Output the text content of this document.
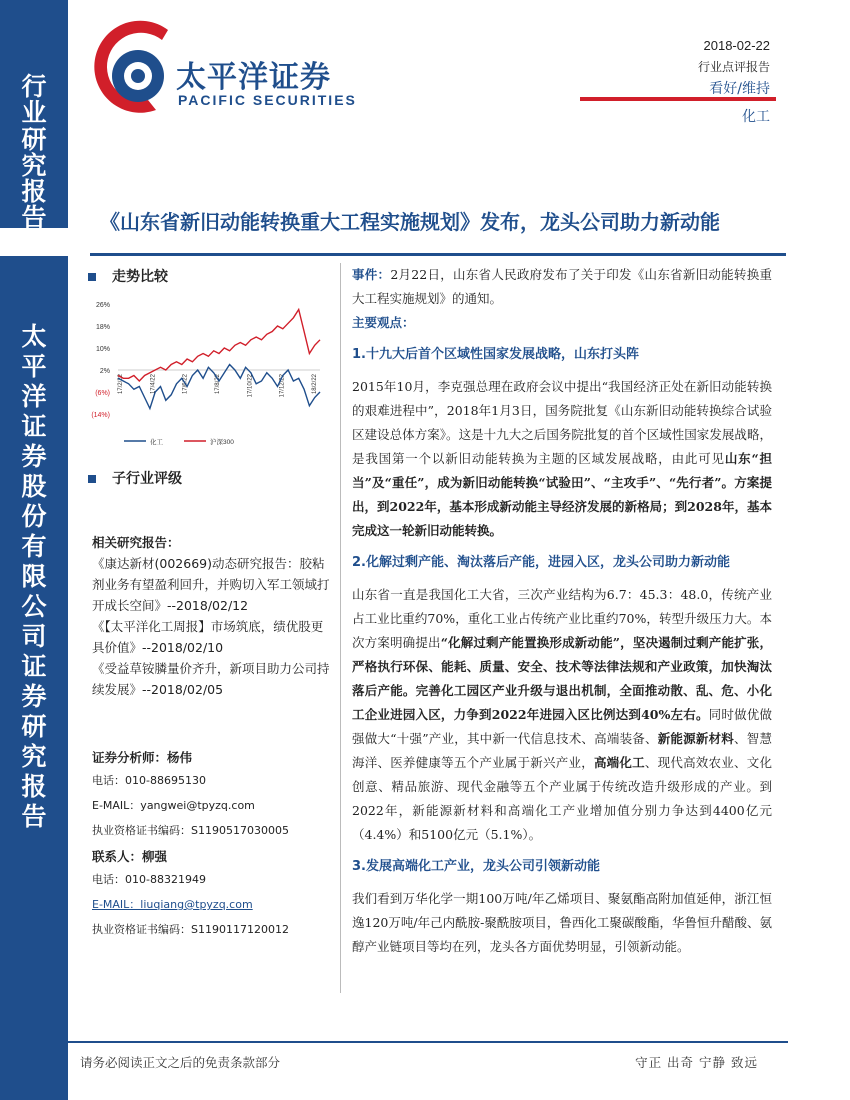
行
业
研
究
报
告
太
平
洋
证
券
股
份
有
限
公
司
证
券
研
究
报
告
太平洋证券
PACIFIC SECURITIES
2018-02-22
行业点评报告
看好/维持
化工
《山东省新旧动能转换重大工程实施规划》发布，龙头公司助力新动能
走势比较
26%
18%
10%
2%
(6%)
(14%)
17/2/22	17/4/22	17/6/22	17/8/22	17/10/22	17/12/22	18/2/22
化工	沪深300
子行业评级

相关研究报告：

《康达新材(002669)动态研究报告：胶粘剂业务有望盈利回升，并购切入军工领域打开成长空间》--2018/02/12

《【太平洋化工周报】市场筑底，绩优股更具价值》--2018/02/10

《受益草铵膦量价齐升，新项目助力公司持续发展》--2018/02/05

证券分析师：杨伟
电话：010-88695130
E-MAIL：yangwei@tpyzq.com
执业资格证书编码：S1190517030005
联系人：柳强
电话：010-88321949
E-MAIL：liuqiang@tpyzq.com
执业资格证书编码：S1190117120012

事件：2月22日，山东省人民政府发布了关于印发《山东省新旧动能转换重大工程实施规划》的通知。

主要观点：

1.十九大后首个区域性国家发展战略，山东打头阵

2015年10月，李克强总理在政府会议中提出“我国经济正处在新旧动能转换的艰难进程中”，2018年1月3日，国务院批复《山东新旧动能转换综合试验区建设总体方案》。这是十九大之后国务院批复的首个区域性国家发展战略，是我国第一个以新旧动能转换为主题的区域发展战略，由此可见山东“担当”及“重任”，成为新旧动能转换“试验田”、“主攻手”、“先行者”。方案提出，到2022年，基本形成新动能主导经济发展的新格局；到2028年，基本完成这一轮新旧动能转换。

2.化解过剩产能、淘汰落后产能，进园入区，龙头公司助力新动能

山东省一直是我国化工大省，三次产业结构为6.7：45.3：48.0，传统产业占工业比重约70%，重化工业占传统产业比重约70%，转型升级压力大。本次方案明确提出“化解过剩产能置换形成新动能”，坚决遏制过剩产能扩张，严格执行环保、能耗、质量、安全、技术等法律法规和产业政策，加快淘汰落后产能。完善化工园区产业升级与退出机制，全面推动散、乱、危、小化工企业进园入区，力争到2022年进园入区比例达到40%左右。同时做优做强做大“十强”产业，其中新一代信息技术、高端装备、新能源新材料、智慧海洋、医养健康等五个产业属于新兴产业，高端化工、现代高效农业、文化创意、精品旅游、现代金融等五个产业属于传统改造升级形成的产业。到2022年，新能源新材料和高端化工产业增加值分别力争达到4400亿元（4.4%）和5100亿元（5.1%）。

3.发展高端化工产业，龙头公司引领新动能

我们看到万华化学一期100万吨/年乙烯项目、聚氨酯高附加值延伸，浙江恒逸120万吨/年己内酰胺-聚酰胺项目，鲁西化工聚碳酸酯，华鲁恒升醋酸、氨醇产业链项目等均在列，龙头各方面优势明显，引领新动能。

请务必阅读正文之后的免责条款部分	守正 出奇 宁静 致远
